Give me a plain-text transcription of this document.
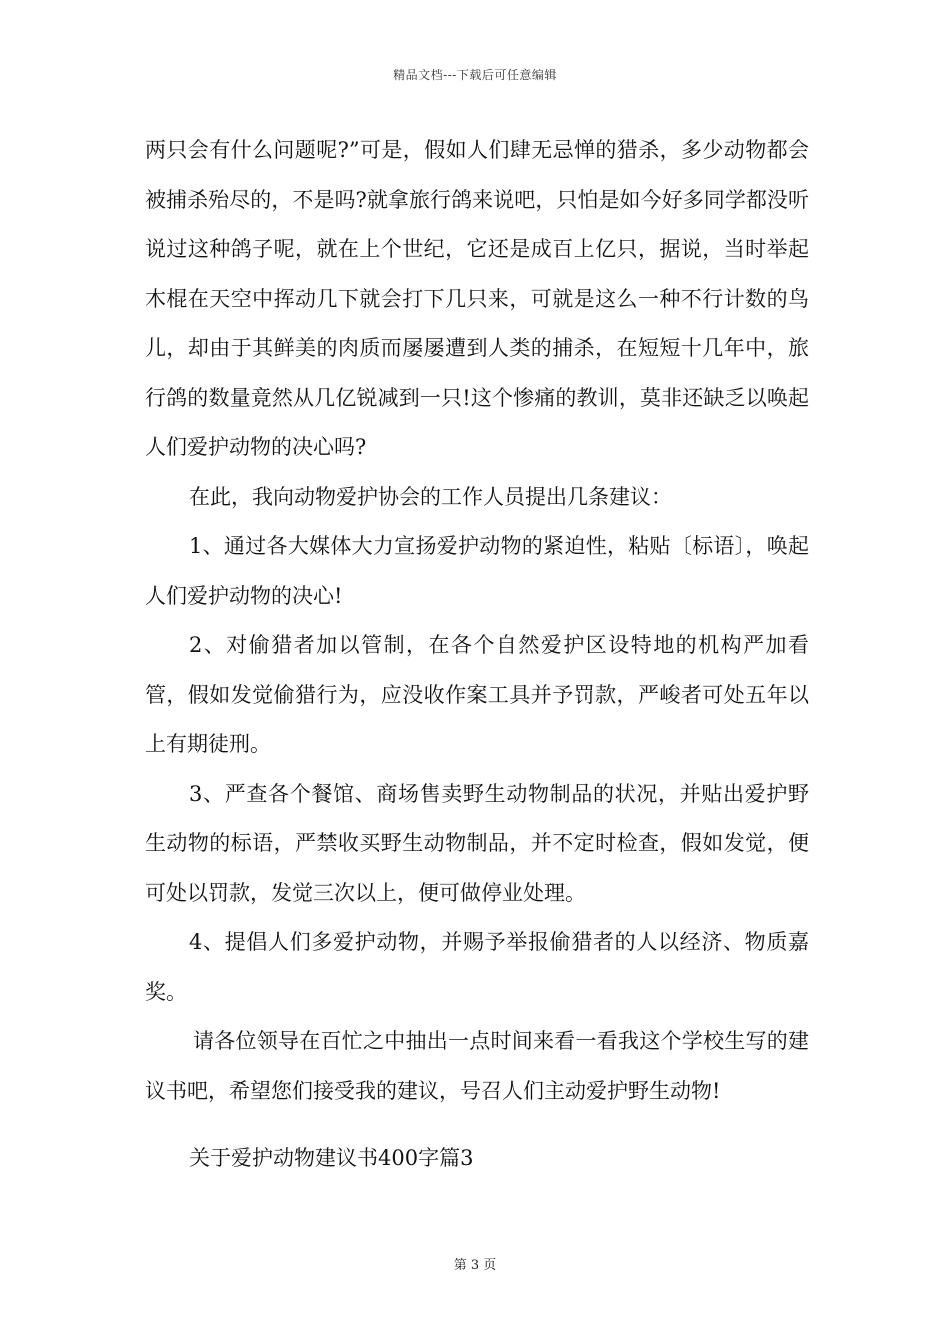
精品文档---下载后可任意编辑

两只会有什么问题呢?”可是，假如人们肆无忌惮的猎杀，多少动物都会被捕杀殆尽的，不是吗?就拿旅行鸽来说吧，只怕是如今好多同学都没听说过这种鸽子呢，就在上个世纪，它还是成百上亿只，据说，当时举起木棍在天空中挥动几下就会打下几只来，可就是这么一种不行计数的鸟儿，却由于其鲜美的肉质而屡屡遭到人类的捕杀，在短短十几年中，旅行鸽的数量竟然从几亿锐减到一只!这个惨痛的教训，莫非还缺乏以唤起人们爱护动物的决心吗?

在此，我向动物爱护协会的工作人员提出几条建议：

1、通过各大媒体大力宣扬爱护动物的紧迫性，粘贴〔标语〕，唤起人们爱护动物的决心!

2、对偷猎者加以管制，在各个自然爱护区设特地的机构严加看管，假如发觉偷猎行为，应没收作案工具并予罚款，严峻者可处五年以上有期徒刑。

3、严查各个餐馆、商场售卖野生动物制品的状况，并贴出爱护野生动物的标语，严禁收买野生动物制品，并不定时检查，假如发觉，便可处以罚款，发觉三次以上，便可做停业处理。

4、提倡人们多爱护动物，并赐予举报偷猎者的人以经济、物质嘉奖。

请各位领导在百忙之中抽出一点时间来看一看我这个学校生写的建议书吧，希望您们接受我的建议，号召人们主动爱护野生动物!

关于爱护动物建议书400字篇3

第 3 页
